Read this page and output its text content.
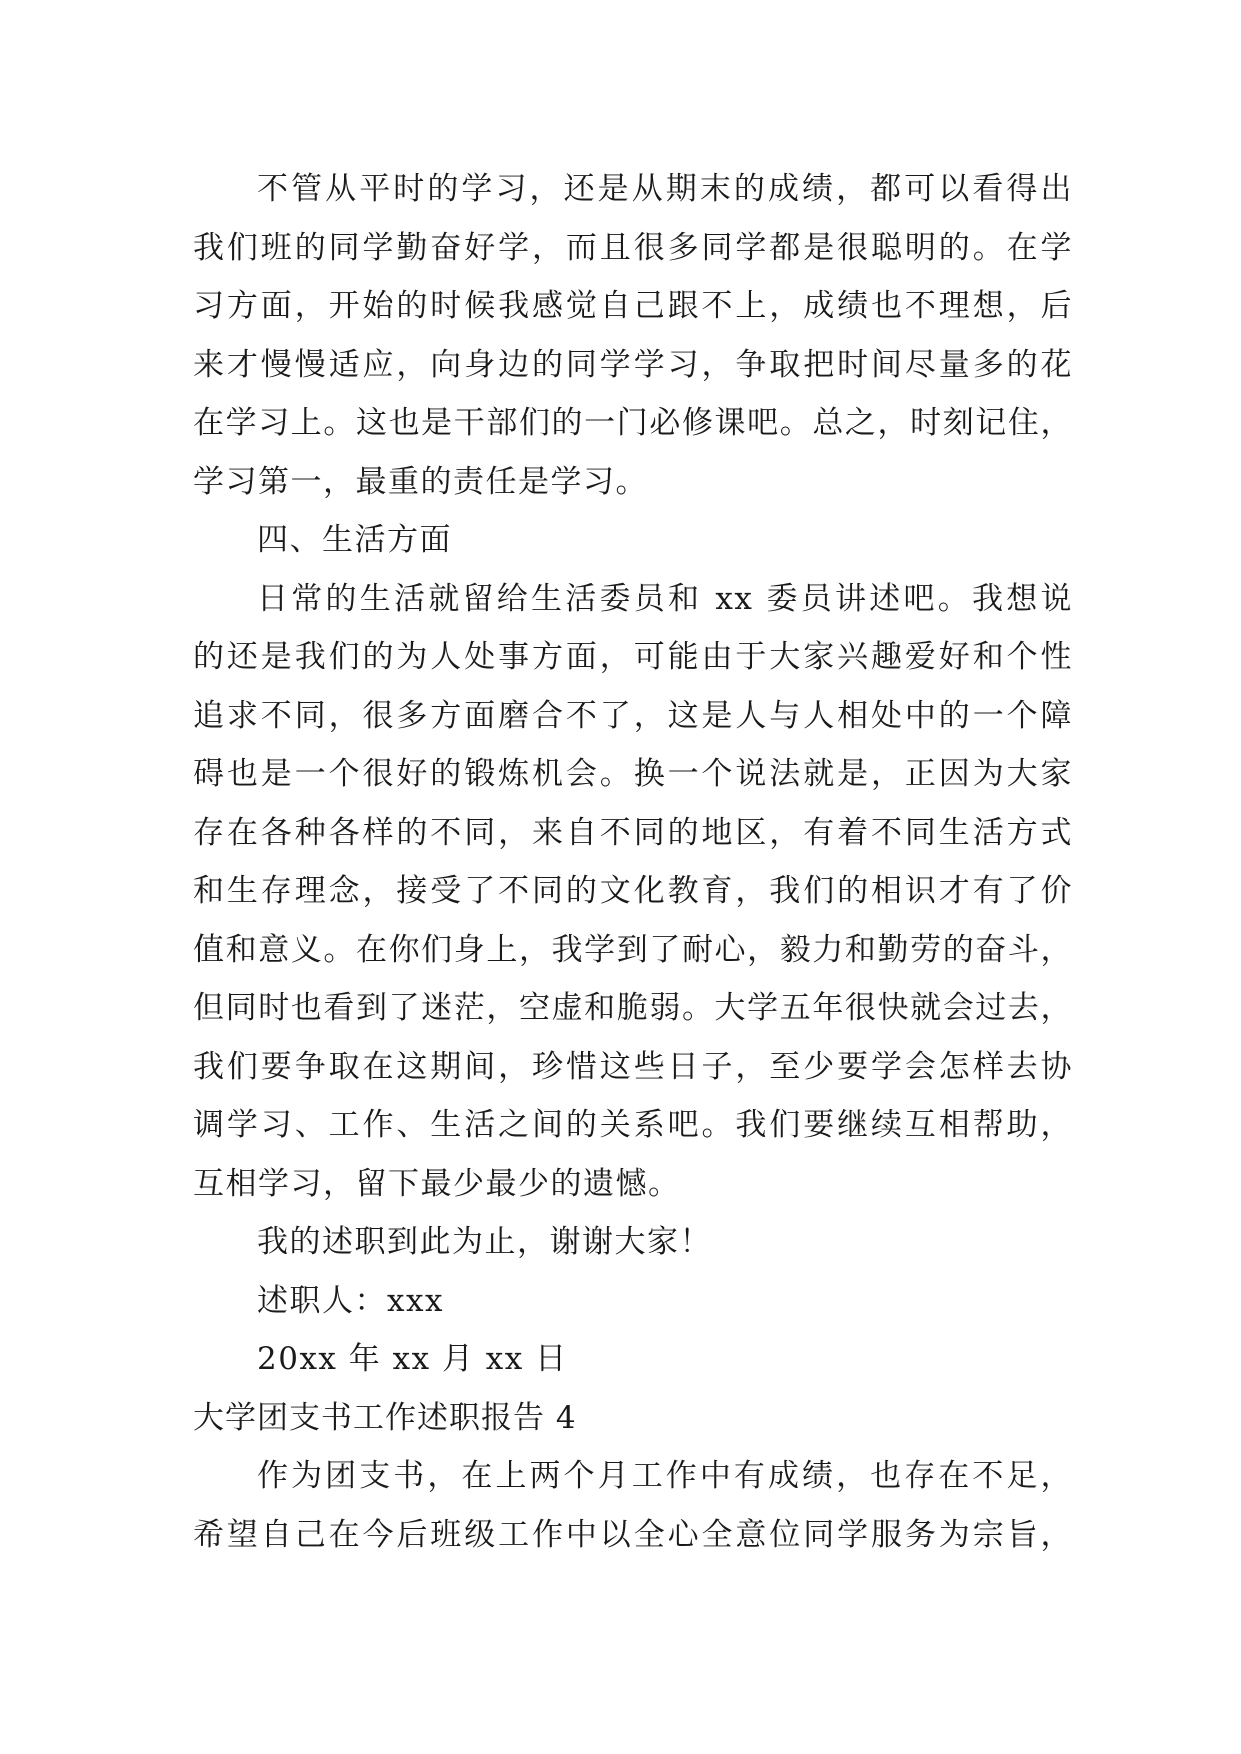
不管从平时的学习，还是从期末的成绩，都可以看得出
我们班的同学勤奋好学，而且很多同学都是很聪明的。在学
习方面，开始的时候我感觉自己跟不上，成绩也不理想，后
来才慢慢适应，向身边的同学学习，争取把时间尽量多的花
在学习上。这也是干部们的一门必修课吧。总之，时刻记住，
学习第一，最重的责任是学习。
四、生活方面
日常的生活就留给生活委员和 xx 委员讲述吧。我想说
的还是我们的为人处事方面，可能由于大家兴趣爱好和个性
追求不同，很多方面磨合不了，这是人与人相处中的一个障
碍也是一个很好的锻炼机会。换一个说法就是，正因为大家
存在各种各样的不同，来自不同的地区，有着不同生活方式
和生存理念，接受了不同的文化教育，我们的相识才有了价
值和意义。在你们身上，我学到了耐心，毅力和勤劳的奋斗，
但同时也看到了迷茫，空虚和脆弱。大学五年很快就会过去，
我们要争取在这期间，珍惜这些日子，至少要学会怎样去协
调学习、工作、生活之间的关系吧。我们要继续互相帮助，
互相学习，留下最少最少的遗憾。
我的述职到此为止，谢谢大家！
述职人：xxx
20xx 年 xx 月 xx 日
大学团支书工作述职报告 4
作为团支书，在上两个月工作中有成绩，也存在不足，
希望自己在今后班级工作中以全心全意位同学服务为宗旨，
